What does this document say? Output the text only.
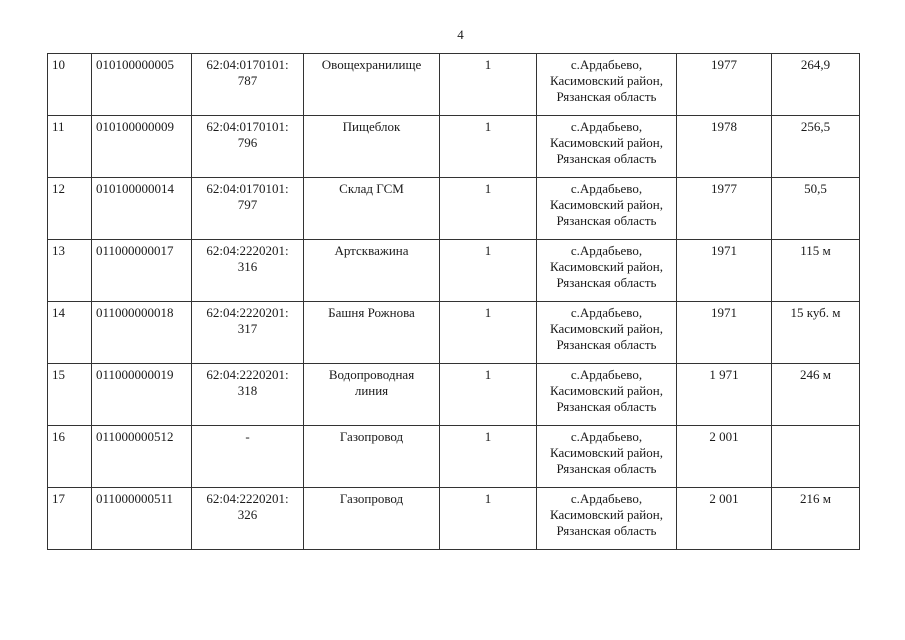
4
10	010100000005	62:04:0170101:
787	Овощехранилище	1	с.Ардабьево,
Касимовский район,
Рязанская область	1977	264,9
11	010100000009	62:04:0170101:
796	Пищеблок	1	с.Ардабьево,
Касимовский район,
Рязанская область	1978	256,5
12	010100000014	62:04:0170101:
797	Склад ГСМ	1	с.Ардабьево,
Касимовский район,
Рязанская область	1977	50,5
13	011000000017	62:04:2220201:
316	Артскважина	1	с.Ардабьево,
Касимовский район,
Рязанская область	1971	115 м
14	011000000018	62:04:2220201:
317	Башня Рожнова	1	с.Ардабьево,
Касимовский район,
Рязанская область	1971	15 куб. м
15	011000000019	62:04:2220201:
318	Водопроводная
линия	1	с.Ардабьево,
Касимовский район,
Рязанская область	1 971	246 м
16	011000000512	-	Газопровод	1	с.Ардабьево,
Касимовский район,
Рязанская область	2 001	
17	011000000511	62:04:2220201:
326	Газопровод	1	с.Ардабьево,
Касимовский район,
Рязанская область	2 001	216 м
